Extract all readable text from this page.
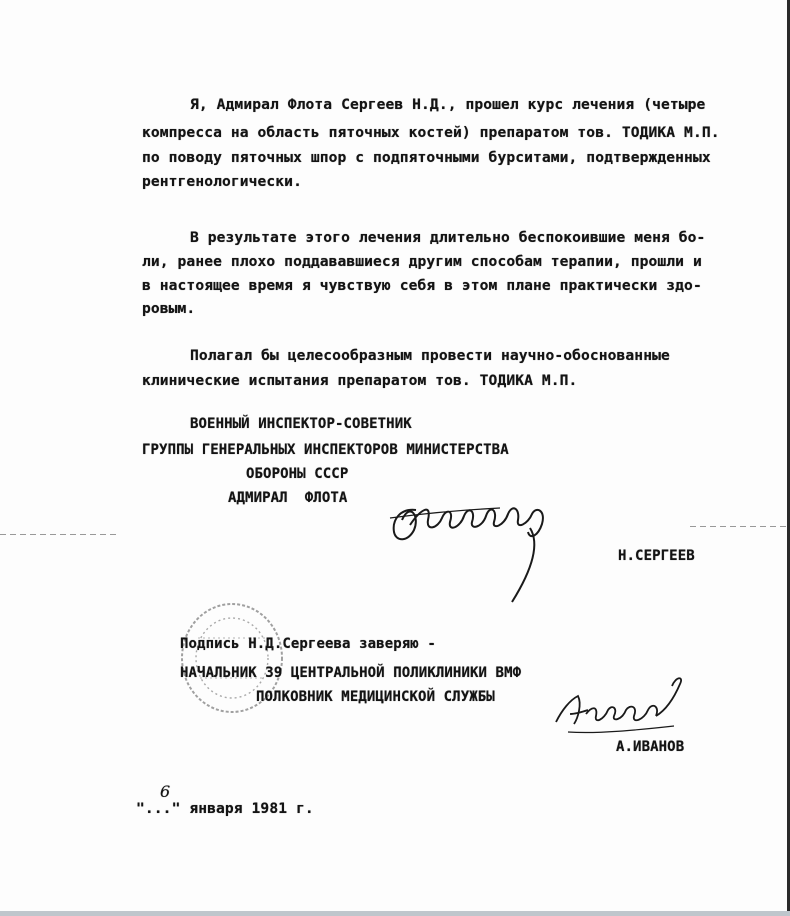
Я, Адмирал Флота Сергеев Н.Д., прошел курс лечения (четыре
компресса на область пяточных костей) препаратом тов. ТОДИКА М.П.
по поводу пяточных шпор с подпяточными бурситами, подтвержденных
рентгенологически.
В результате этого лечения длительно беспокоившие меня бо-
ли, ранее плохо поддававшиеся другим способам терапии, прошли и
в настоящее время я чувствую себя в этом плане практически здо-
ровым.
Полагал бы целесообразным провести научно-обоснованные
клинические испытания препаратом тов. ТОДИКА М.П.
ВОЕННЫЙ ИНСПЕКТОР-СОВЕТНИК
ГРУППЫ ГЕНЕРАЛЬНЫХ ИНСПЕКТОРОВ МИНИСТЕРСТВА
ОБОРОНЫ СССР
АДМИРАЛ  ФЛОТА
Н.СЕРГЕЕВ
Подпись Н.Д.Сергеева заверяю -
НАЧАЛЬНИК 39 ЦЕНТРАЛЬНОЙ ПОЛИКЛИНИКИ ВМФ
ПОЛКОВНИК МЕДИЦИНСКОЙ СЛУЖБЫ
А.ИВАНОВ
"..." января 1981 г.
6
